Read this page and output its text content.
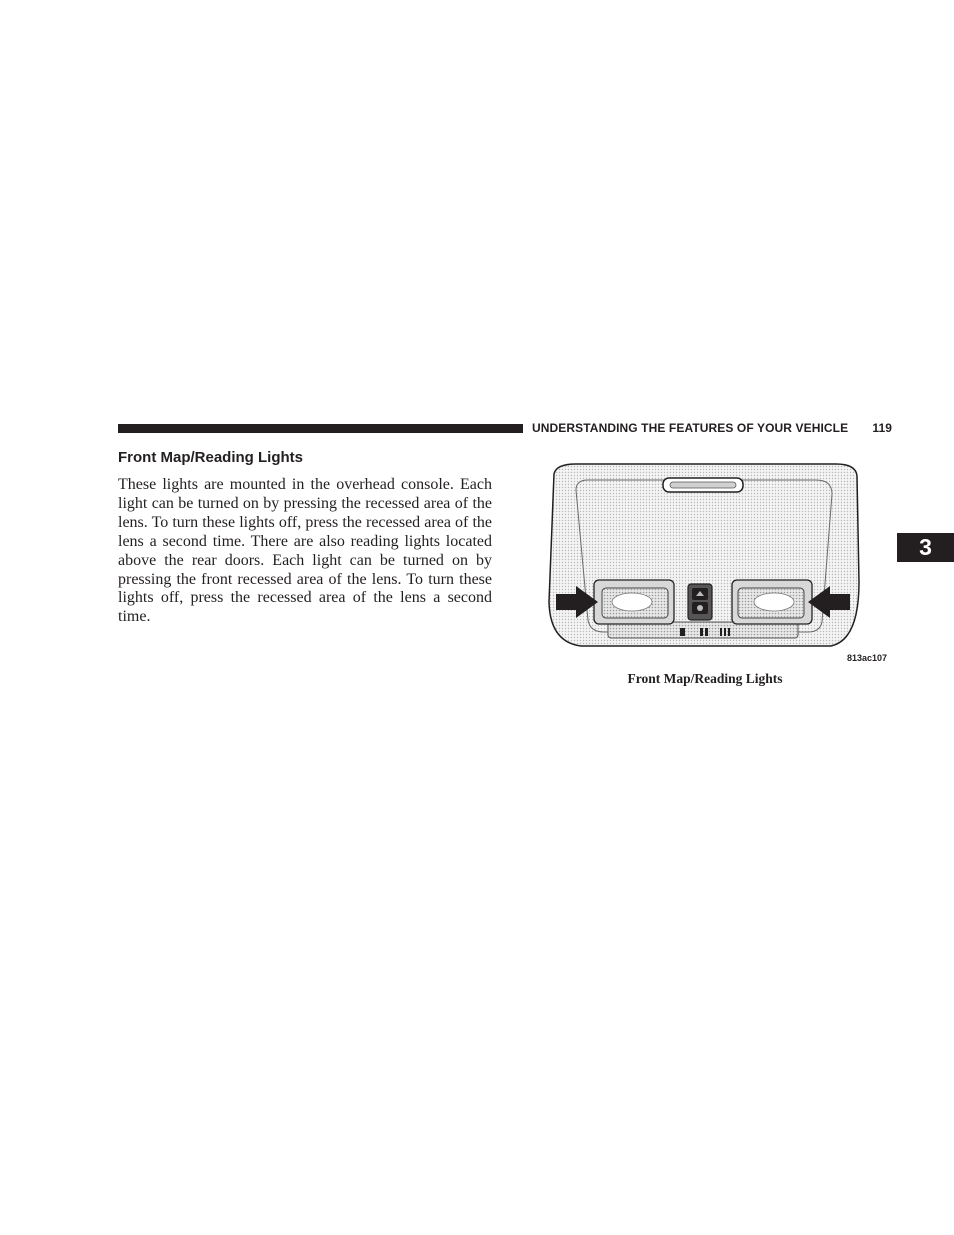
UNDERSTANDING THE FEATURES OF YOUR VEHICLE 119
Front Map/Reading Lights
These lights are mounted in the overhead console. Each light can be turned on by pressing the recessed area of the lens. To turn these lights off, press the recessed area of the lens a second time. There are also reading lights located above the rear doors. Each light can be turned on by pressing the front recessed area of the lens. To turn these lights off, press the recessed area of the lens a second time.
3
813ac107
Front Map/Reading Lights
